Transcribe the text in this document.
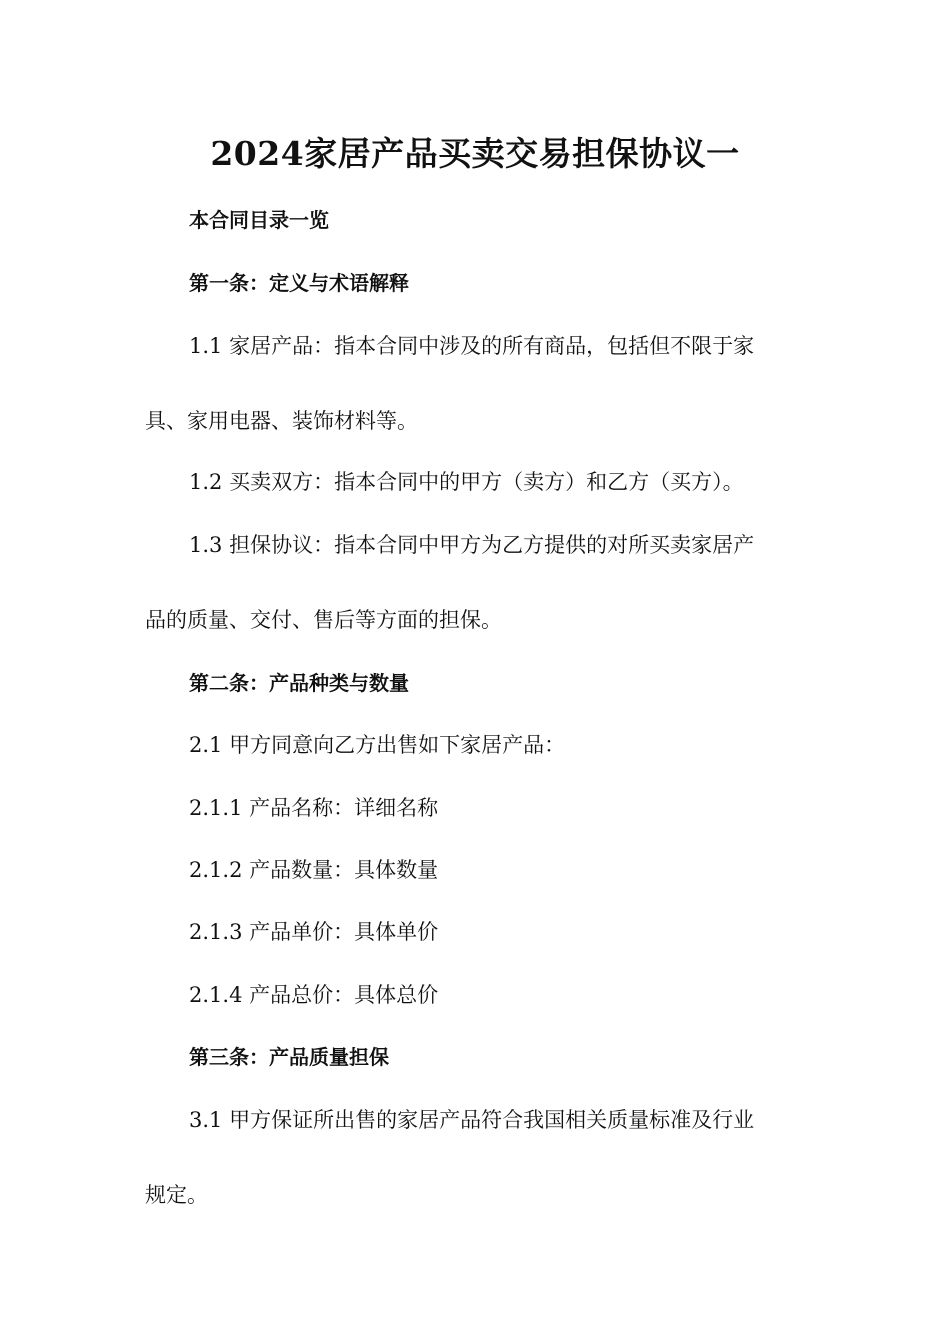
2024家居产品买卖交易担保协议一
本合同目录一览
第一条：定义与术语解释
1.1 家居产品：指本合同中涉及的所有商品，包括但不限于家
具、家用电器、装饰材料等。
1.2 买卖双方：指本合同中的甲方（卖方）和乙方（买方）。
1.3 担保协议：指本合同中甲方为乙方提供的对所买卖家居产
品的质量、交付、售后等方面的担保。
第二条：产品种类与数量
2.1 甲方同意向乙方出售如下家居产品：
2.1.1 产品名称：详细名称
2.1.2 产品数量：具体数量
2.1.3 产品单价：具体单价
2.1.4 产品总价：具体总价
第三条：产品质量担保
3.1 甲方保证所出售的家居产品符合我国相关质量标准及行业
规定。
